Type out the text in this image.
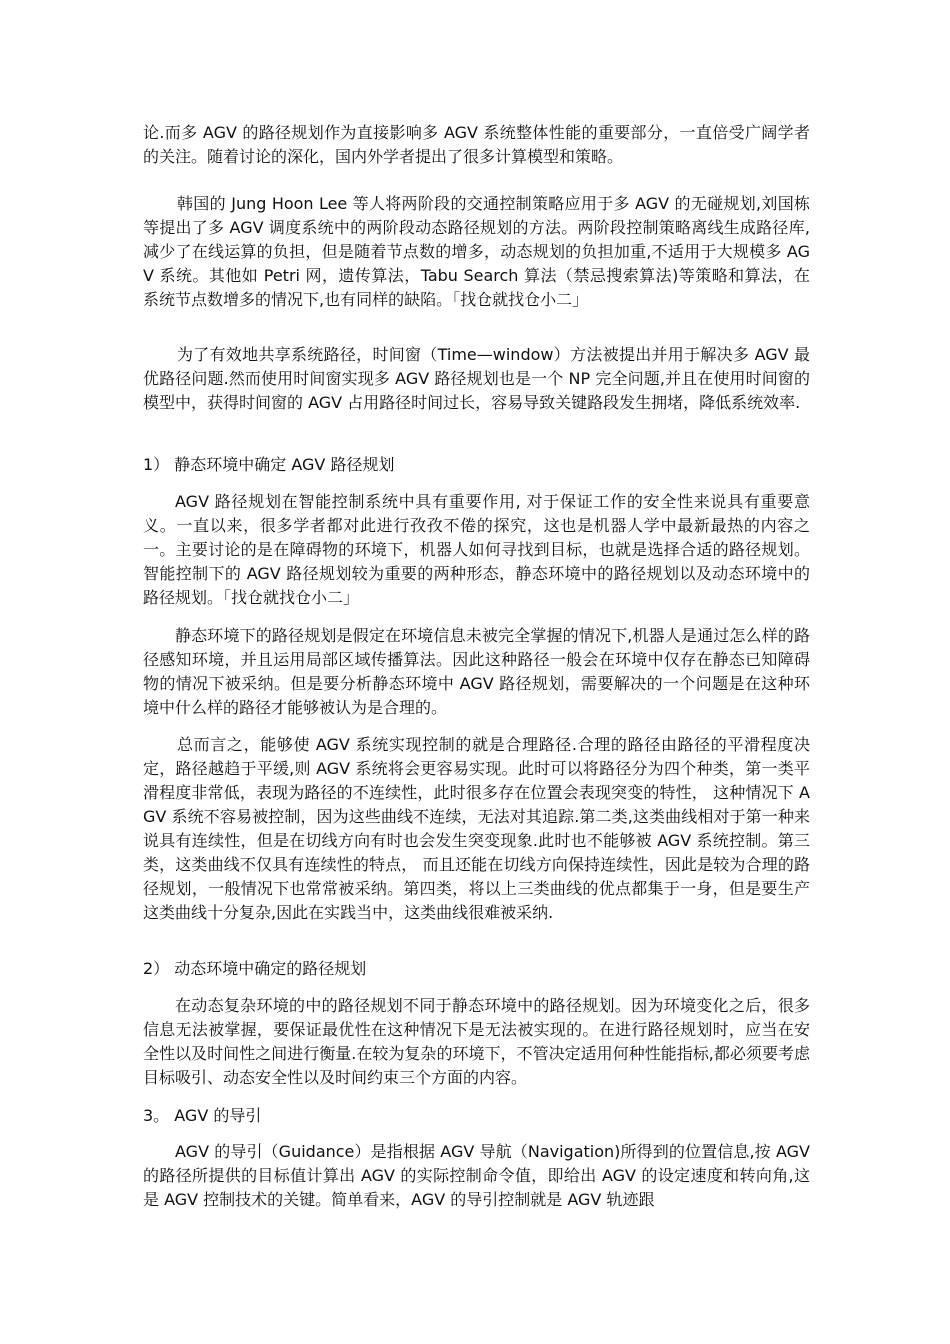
论.而多 AGV 的路径规划作为直接影响多 AGV 系统整体性能的重要部分，一直倍受广阔学者的关注。随着讨论的深化，国内外学者提出了很多计算模型和策略。

韩国的 Jung Hoon Lee 等人将两阶段的交通控制策略应用于多 AGV 的无碰规划,刘国栋等提出了多 AGV 调度系统中的两阶段动态路径规划的方法。两阶段控制策略离线生成路径库,减少了在线运算的负担，但是随着节点数的增多，动态规划的负担加重,不适用于大规模多 AGV 系统。其他如 Petri 网，遗传算法，Tabu Search 算法（禁忌搜索算法)等策略和算法，在系统节点数增多的情况下,也有同样的缺陷。「找仓就找仓小二」

为了有效地共享系统路径，时间窗（Time—window）方法被提出并用于解决多 AGV 最优路径问题.然而使用时间窗实现多 AGV 路径规划也是一个 NP 完全问题,并且在使用时间窗的模型中，获得时间窗的 AGV 占用路径时间过长，容易导致关键路段发生拥堵，降低系统效率.

1） 静态环境中确定 AGV 路径规划

AGV 路径规划在智能控制系统中具有重要作用, 对于保证工作的安全性来说具有重要意义。一直以来，很多学者都对此进行孜孜不倦的探究，这也是机器人学中最新最热的内容之一。主要讨论的是在障碍物的环境下，机器人如何寻找到目标，也就是选择合适的路径规划。智能控制下的 AGV 路径规划较为重要的两种形态，静态环境中的路径规划以及动态环境中的路径规划。「找仓就找仓小二」

静态环境下的路径规划是假定在环境信息未被完全掌握的情况下,机器人是通过怎么样的路径感知环境，并且运用局部区域传播算法。因此这种路径一般会在环境中仅存在静态已知障碍物的情况下被采纳。但是要分析静态环境中 AGV 路径规划，需要解决的一个问题是在这种环境中什么样的路径才能够被认为是合理的。

总而言之，能够使 AGV 系统实现控制的就是合理路径.合理的路径由路径的平滑程度决定，路径越趋于平缓,则 AGV 系统将会更容易实现。此时可以将路径分为四个种类，第一类平滑程度非常低，表现为路径的不连续性，此时很多存在位置会表现突变的特性， 这种情况下 AGV 系统不容易被控制，因为这些曲线不连续，无法对其追踪.第二类,这类曲线相对于第一种来说具有连续性，但是在切线方向有时也会发生突变现象.此时也不能够被 AGV 系统控制。第三类，这类曲线不仅具有连续性的特点， 而且还能在切线方向保持连续性，因此是较为合理的路径规划，一般情况下也常常被采纳。第四类，将以上三类曲线的优点都集于一身，但是要生产这类曲线十分复杂,因此在实践当中，这类曲线很难被采纳.

2） 动态环境中确定的路径规划

在动态复杂环境的中的路径规划不同于静态环境中的路径规划。因为环境变化之后，很多信息无法被掌握，要保证最优性在这种情况下是无法被实现的。在进行路径规划时，应当在安全性以及时间性之间进行衡量.在较为复杂的环境下，不管决定适用何种性能指标,都必须要考虑目标吸引、动态安全性以及时间约束三个方面的内容。

3。 AGV 的导引

AGV 的导引（Guidance）是指根据 AGV 导航（Navigation)所得到的位置信息,按 AGV 的路径所提供的目标值计算出 AGV 的实际控制命令值，即给出 AGV 的设定速度和转向角,这是 AGV 控制技术的关键。简单看来，AGV 的导引控制就是 AGV 轨迹跟
